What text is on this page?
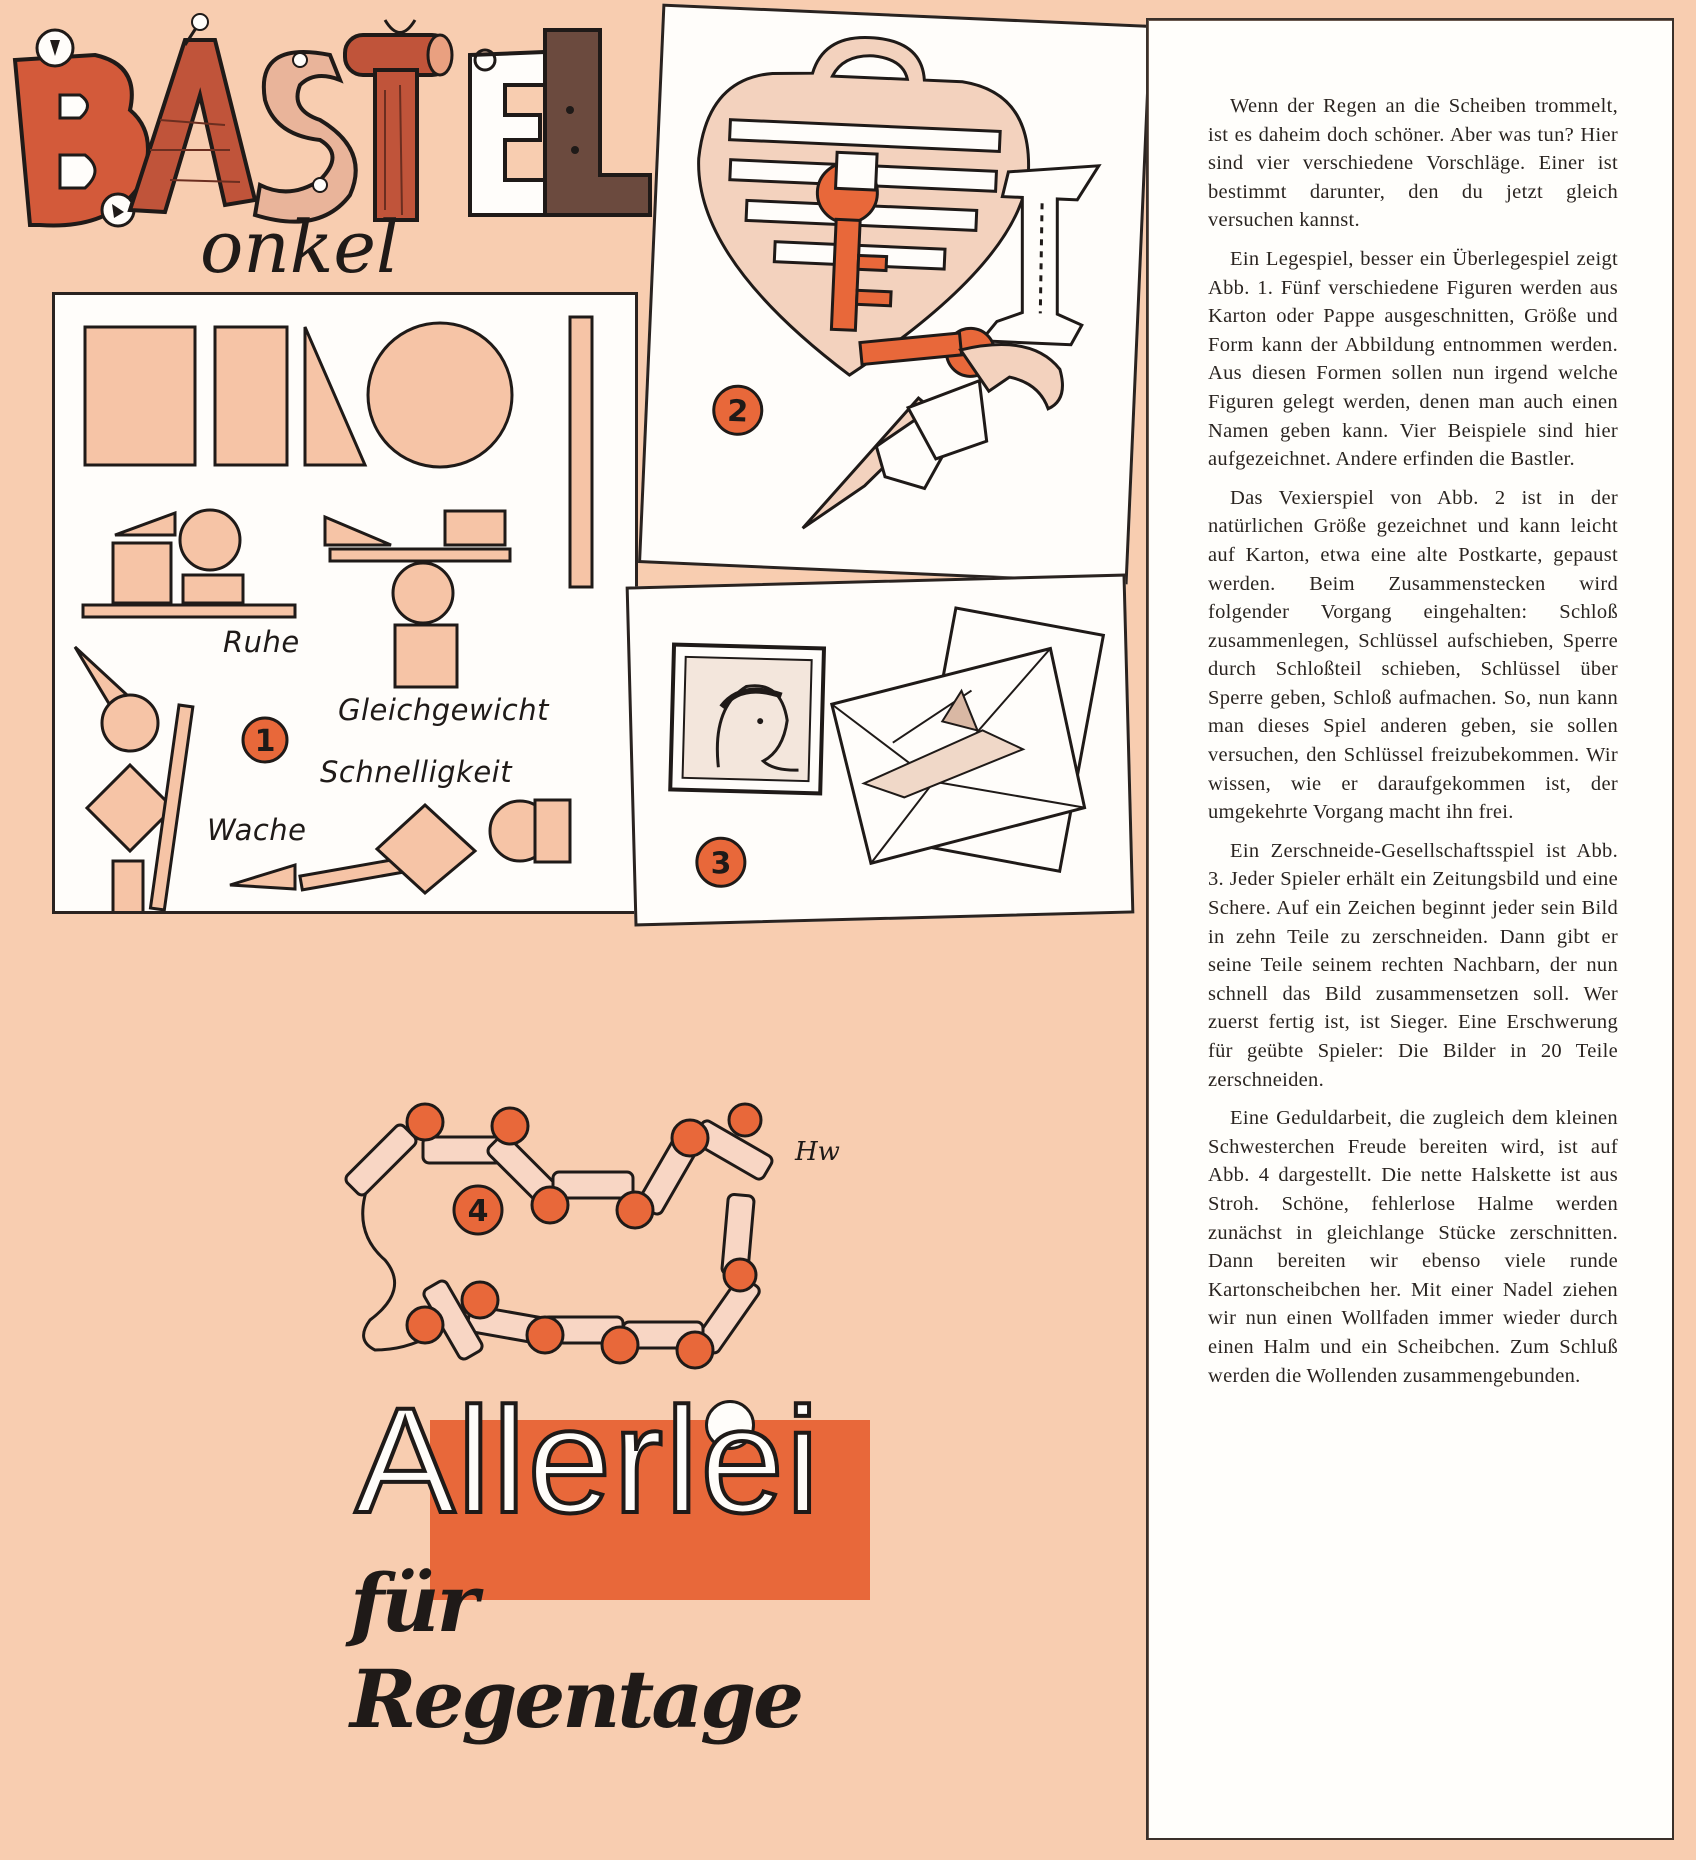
onkel
1
Ruhe
Gleichgewicht
Schnelligkeit
Wache
2
3
4
Hw
Allerlei
für Regentage

Wenn der Regen an die Scheiben trommelt, ist es daheim doch schöner. Aber was tun? Hier sind vier verschiedene Vorschläge. Einer ist bestimmt darunter, den du jetzt gleich versuchen kannst.

Ein Legespiel, besser ein Überlegespiel zeigt Abb. 1. Fünf verschiedene Figuren werden aus Karton oder Pappe ausgeschnitten, Größe und Form kann der Abbildung entnommen werden. Aus diesen Formen sollen nun irgend welche Figuren gelegt werden, denen man auch einen Namen geben kann. Vier Beispiele sind hier aufgezeichnet. Andere erfinden die Bastler.

Das Vexierspiel von Abb. 2 ist in der natürlichen Größe gezeichnet und kann leicht auf Karton, etwa eine alte Postkarte, gepaust werden. Beim Zusammenstecken wird folgender Vorgang eingehalten: Schloß zusammenlegen, Schlüssel aufschieben, Sperre durch Schloßteil schieben, Schlüssel über Sperre geben, Schloß aufmachen. So, nun kann man dieses Spiel anderen geben, sie sollen versuchen, den Schlüssel freizubekommen. Wir wissen, wie er daraufgekommen ist, der umgekehrte Vorgang macht ihn frei.

Ein Zerschneide-Gesellschaftsspiel ist Abb. 3. Jeder Spieler erhält ein Zeitungsbild und eine Schere. Auf ein Zeichen beginnt jeder sein Bild in zehn Teile zu zerschneiden. Dann gibt er seine Teile seinem rechten Nachbarn, der nun schnell das Bild zusammensetzen soll. Wer zuerst fertig ist, ist Sieger. Eine Erschwerung für geübte Spieler: Die Bilder in 20 Teile zerschneiden.

Eine Geduldarbeit, die zugleich dem kleinen Schwesterchen Freude bereiten wird, ist auf Abb. 4 dargestellt. Die nette Halskette ist aus Stroh. Schöne, fehlerlose Halme werden zunächst in gleichlange Stücke zerschnitten. Dann bereiten wir ebenso viele runde Kartonscheibchen her. Mit einer Nadel ziehen wir nun einen Wollfaden immer wieder durch einen Halm und ein Scheibchen. Zum Schluß werden die Wollenden zusammengebunden.
